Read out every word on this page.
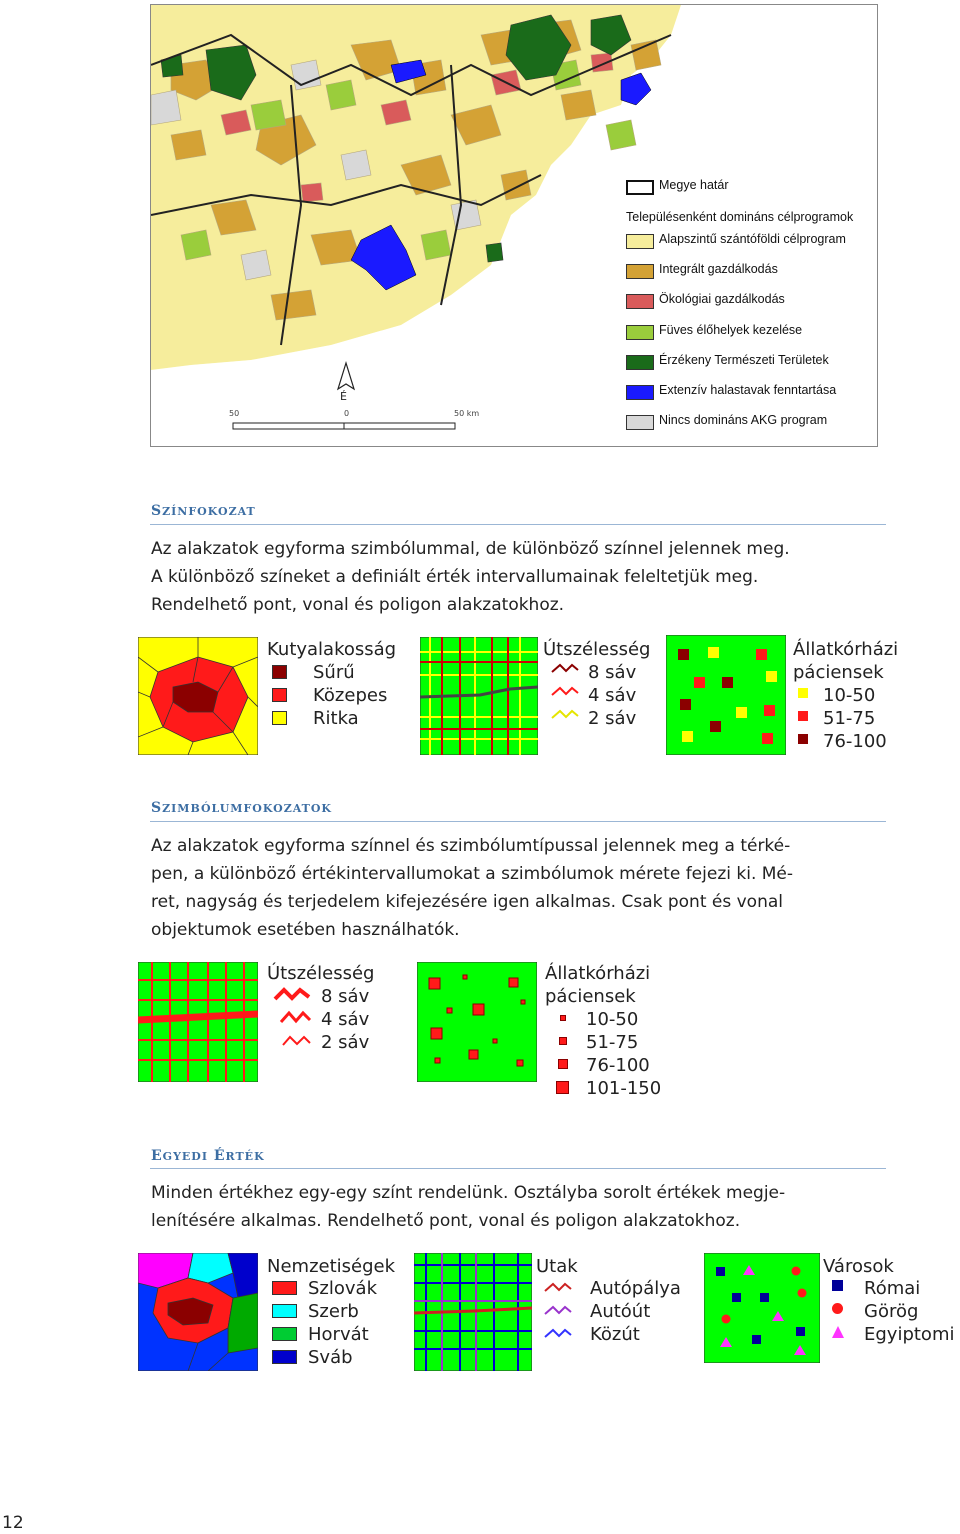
É
50	0	50 km
Megye határ
Településenként domináns célprogramok
Alapszintű szántóföldi célprogram
Integrált gazdálkodás
Ökológiai gazdálkodás
Füves élőhelyek kezelése
Érzékeny Természeti Területek
Extenzív halastavak fenntartása
Nincs domináns AKG program
SZÍNFOKOZAT
Az alakzatok egyforma szimbólummal, de különböző színnel jelennek meg.
A különböző színeket a definiált érték intervallumainak feleltetjük meg.
Rendelhető pont, vonal és poligon alakzatokhoz.
Kutyalakosság
Sűrű
Közepes
Ritka
Útszélesség
8 sáv
4 sáv
2 sáv
Állatkórházi
páciensek
10-50
51-75
76-100
SZIMBÓLUMFOKOZATOK
Az alakzatok egyforma színnel és szimbólumtípussal jelennek meg a térké-
pen, a különböző értékintervallumokat a szimbólumok mérete fejezi ki. Mé-
ret, nagyság és terjedelem kifejezésére igen alkalmas. Csak pont és vonal
objektumok esetében használhatók.
Útszélesség
8 sáv
4 sáv
2 sáv
Állatkórházi
páciensek
10-50
51-75
76-100
101-150
EGYEDI ÉRTÉK
Minden értékhez egy-egy színt rendelünk. Osztályba sorolt értékek megje-
lenítésére alkalmas. Rendelhető pont, vonal és poligon alakzatokhoz.
Nemzetiségek
Szlovák
Szerb
Horvát
Sváb
Utak
Autópálya
Autóút
Közút
Városok
Római
Görög
Egyiptomi
12
